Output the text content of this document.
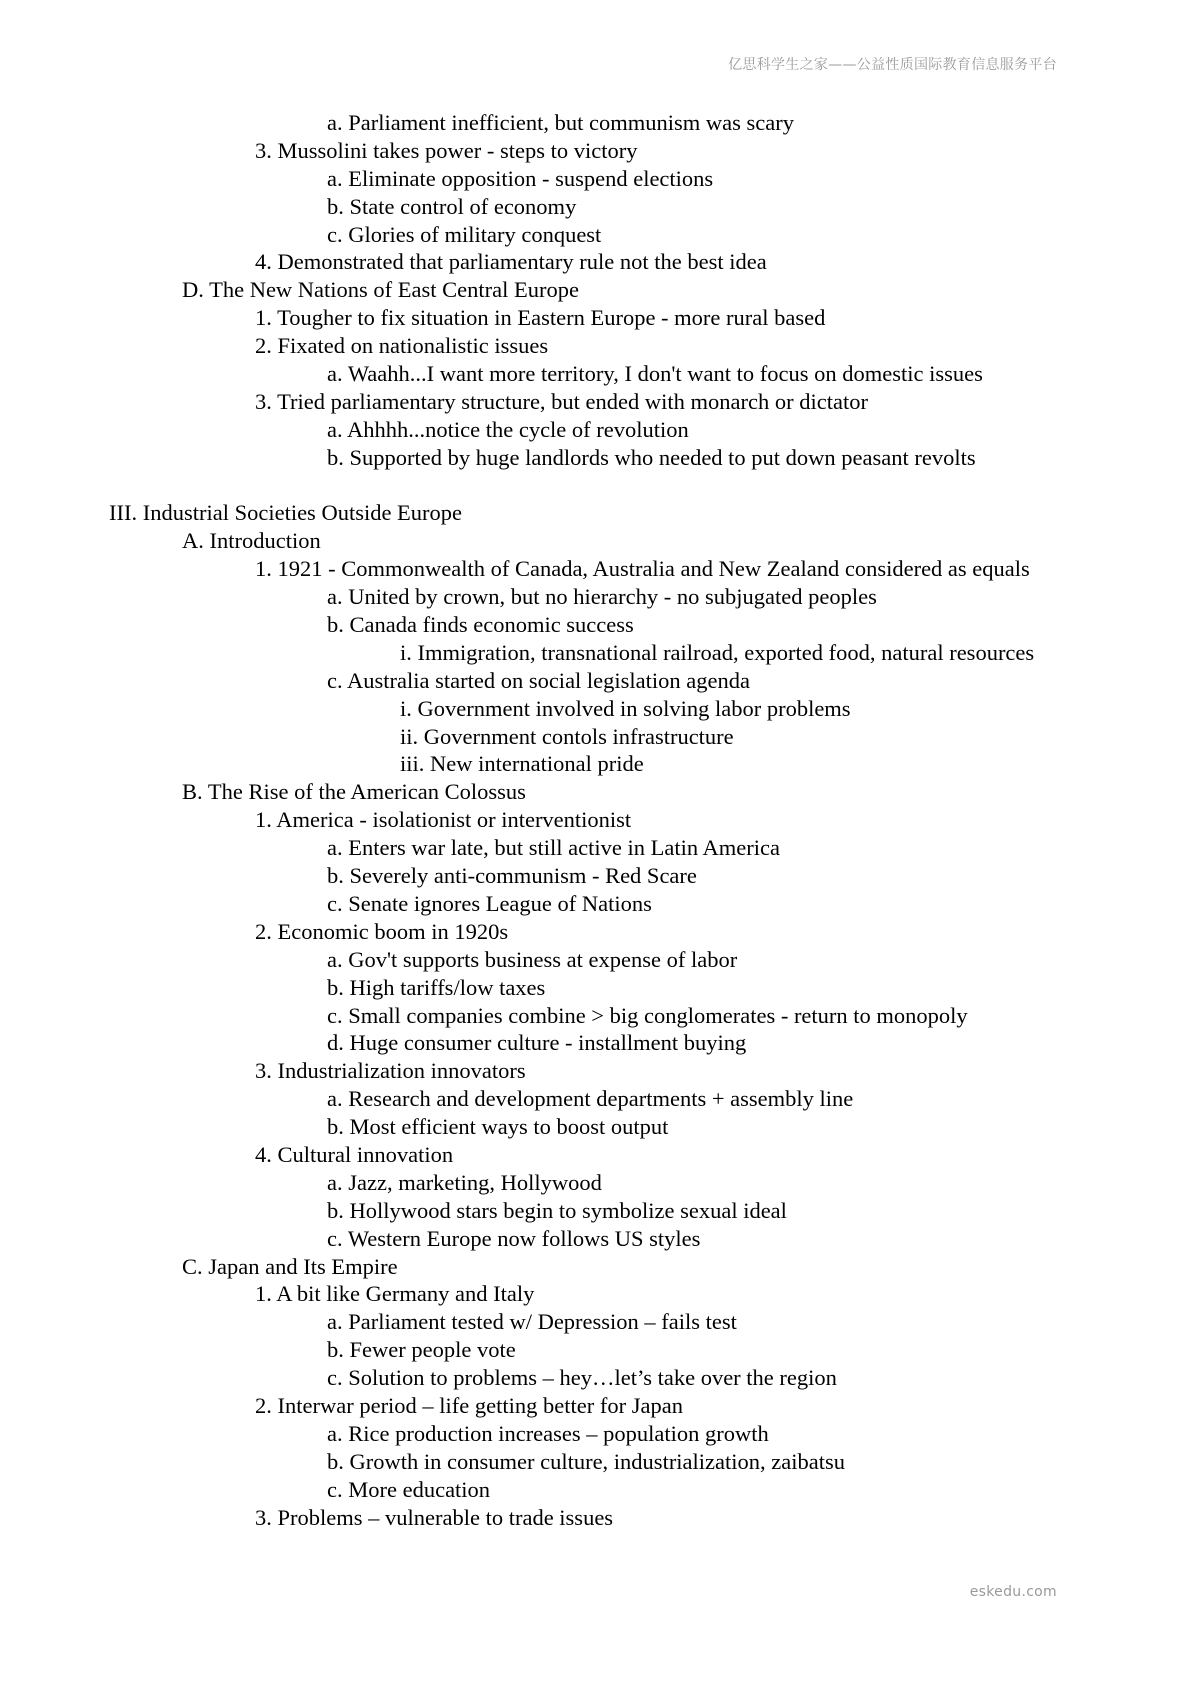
亿思科学生之家——公益性质国际教育信息服务平台
a. Parliament inefficient, but communism was scary
3. Mussolini takes power - steps to victory
a. Eliminate opposition - suspend elections
b. State control of economy
c. Glories of military conquest
4. Demonstrated that parliamentary rule not the best idea
D. The New Nations of East Central Europe
1. Tougher to fix situation in Eastern Europe - more rural based
2. Fixated on nationalistic issues
a. Waahh...I want more territory, I don't want to focus on domestic issues
3. Tried parliamentary structure, but ended with monarch or dictator
a. Ahhhh...notice the cycle of revolution
b. Supported by huge landlords who needed to put down peasant revolts
III. Industrial Societies Outside Europe
A. Introduction
1. 1921 - Commonwealth of Canada, Australia and New Zealand considered as equals
a. United by crown, but no hierarchy - no subjugated peoples
b. Canada finds economic success
i. Immigration, transnational railroad, exported food, natural resources
c. Australia started on social legislation agenda
i. Government involved in solving labor problems
ii. Government contols infrastructure
iii. New international pride
B. The Rise of the American Colossus
1. America - isolationist or interventionist
a. Enters war late, but still active in Latin America
b. Severely anti-communism - Red Scare
c. Senate ignores League of Nations
2. Economic boom in 1920s
a. Gov't supports business at expense of labor
b. High tariffs/low taxes
c. Small companies combine > big conglomerates - return to monopoly
d. Huge consumer culture - installment buying
3. Industrialization innovators
a. Research and development departments + assembly line
b. Most efficient ways to boost output
4. Cultural innovation
a. Jazz, marketing, Hollywood
b. Hollywood stars begin to symbolize sexual ideal
c. Western Europe now follows US styles
C. Japan and Its Empire
1. A bit like Germany and Italy
a. Parliament tested w/ Depression – fails test
b. Fewer people vote
c. Solution to problems – hey…let’s take over the region
2. Interwar period – life getting better for Japan
a. Rice production increases – population growth
b. Growth in consumer culture, industrialization, zaibatsu
c. More education
3. Problems – vulnerable to trade issues
eskedu.com
